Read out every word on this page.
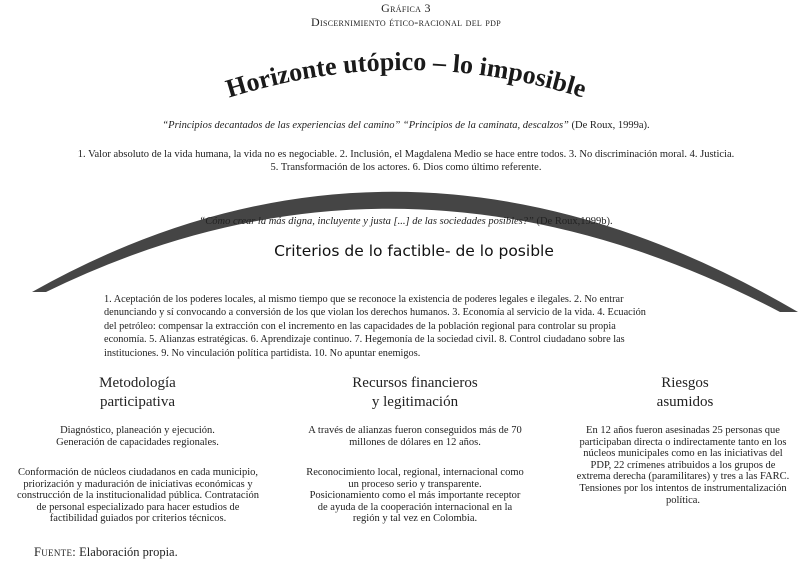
Gráfica 3
Discernimiento ético-racional del pdp
Horizonte utópico – lo imposible
“Principios decantados de las experiencias del camino” “Principios de la caminata, descalzos” (De Roux, 1999a).
1. Valor absoluto de la vida humana, la vida no es negociable. 2. Inclusión, el Magdalena Medio se hace entre todos. 3. No discriminación moral. 4. Justicia.
5. Transformación de los actores. 6. Dios como último referente.
“Cómo crear la más digna, incluyente y justa [...] de las sociedades posibles?” (De Roux,1999b).
Criterios de lo factible- de lo posible
1. Aceptación de los poderes locales, al mismo tiempo que se reconoce la existencia de poderes legales e ilegales. 2. No entrar
denunciando y sí convocando a conversión de los que violan los derechos humanos. 3. Economía al servicio de la vida. 4. Ecuación
del petróleo: compensar la extracción con el incremento en las capacidades de la población regional para controlar su propia
economía. 5. Alianzas estratégicas. 6. Aprendizaje continuo. 7. Hegemonía de la sociedad civil. 8. Control ciudadano sobre las
instituciones. 9. No vinculación política partidista. 10. No apuntar enemigos.
Metodología
participativa
Diagnóstico, planeación y ejecución.
Generación de capacidades regionales.
Conformación de núcleos ciudadanos en cada municipio,
priorización y maduración de iniciativas económicas y
construcción de la institucionalidad pública. Contratación
de personal especializado para hacer estudios de
factibilidad guiados por criterios técnicos.
Recursos financieros
y legitimación
A través de alianzas fueron conseguidos más de 70
millones de dólares en 12 años.
Reconocimiento local, regional, internacional como
un proceso serio y transparente.
Posicionamiento como el más importante receptor
de ayuda de la cooperación internacional en la
región y tal vez en Colombia.
Riesgos
asumidos
En 12 años fueron asesinadas 25 personas que
participaban directa o indirectamente tanto en los
núcleos municipales como en las iniciativas del
PDP, 22 crímenes atribuidos a los grupos de
extrema derecha (paramilitares) y tres a las FARC.
Tensiones por los intentos de instrumentalización
política.
Fuente: Elaboración propia.
